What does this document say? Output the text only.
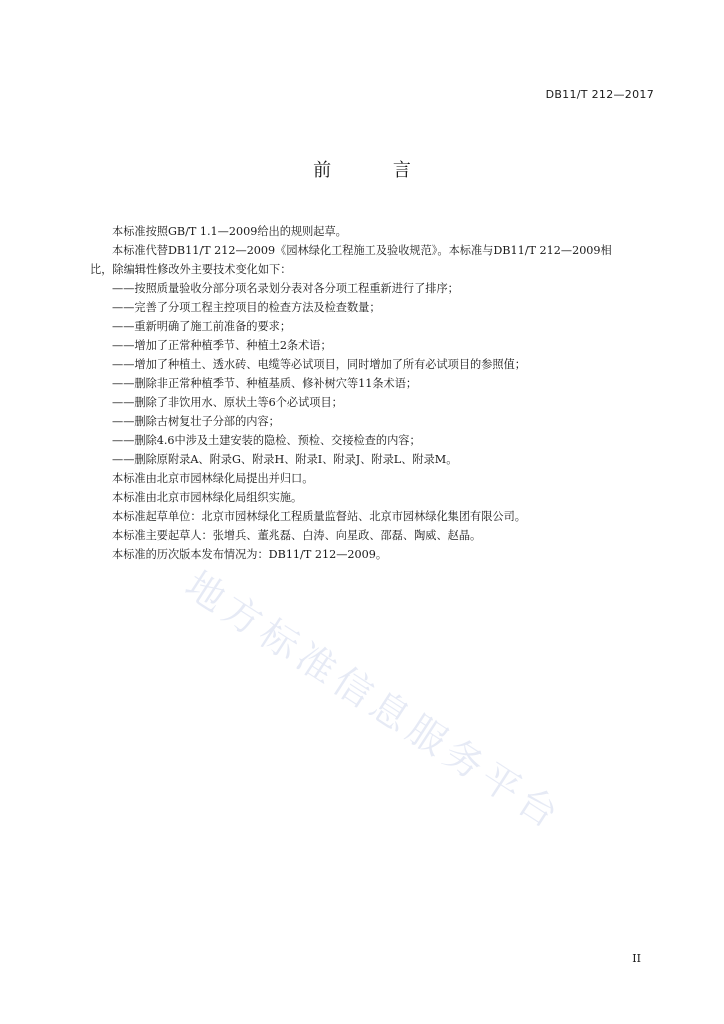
DB11/T 212—2017
前 言

本标准按照GB/T 1.1—2009给出的规则起草。

本标准代替DB11/T 212—2009《园林绿化工程施工及验收规范》。本标准与DB11/T 212—2009相

比，除编辑性修改外主要技术变化如下：

——按照质量验收分部分项名录划分表对各分项工程重新进行了排序；

——完善了分项工程主控项目的检查方法及检查数量；

——重新明确了施工前准备的要求；

——增加了正常种植季节、种植土2条术语；

——增加了种植土、透水砖、电缆等必试项目，同时增加了所有必试项目的参照值；

——删除非正常种植季节、种植基质、修补树穴等11条术语；

——删除了非饮用水、原状土等6个必试项目；

——删除古树复壮子分部的内容；

——删除4.6中涉及土建安装的隐检、预检、交接检查的内容；

——删除原附录A、附录G、附录H、附录I、附录J、附录L、附录M。

本标准由北京市园林绿化局提出并归口。

本标准由北京市园林绿化局组织实施。

本标准起草单位：北京市园林绿化工程质量监督站、北京市园林绿化集团有限公司。

本标准主要起草人：张增兵、董兆磊、白涛、向星政、邵磊、陶威、赵晶。

本标准的历次版本发布情况为：DB11/T 212—2009。

地方标准信息服务平台
II
